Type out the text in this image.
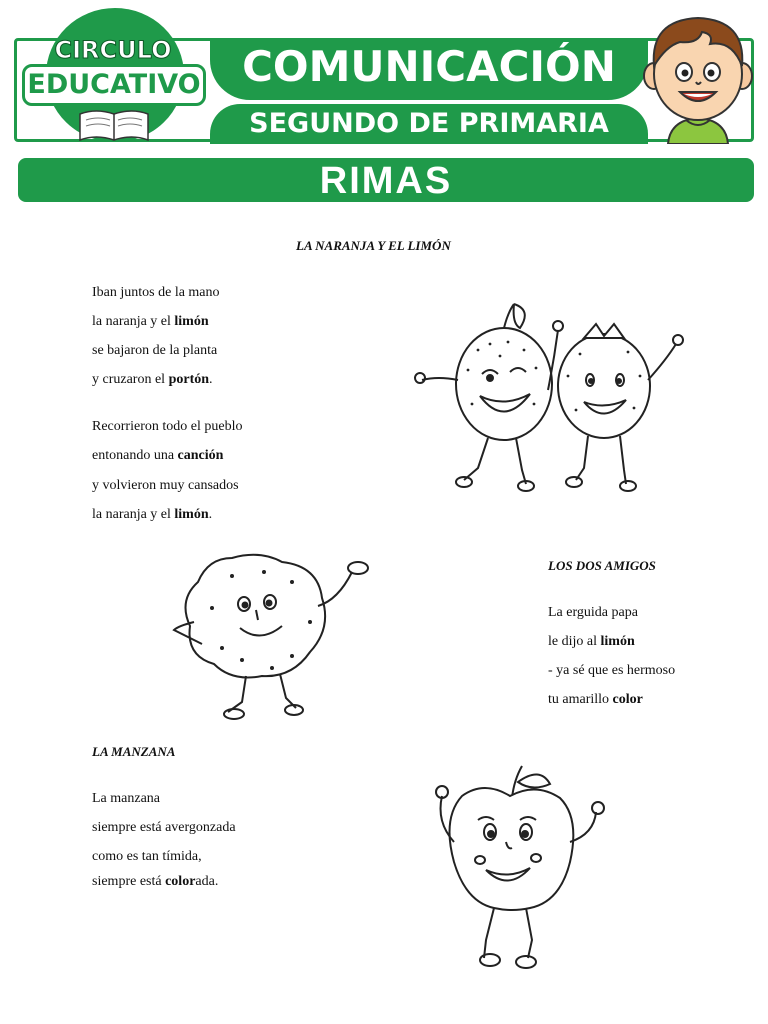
CIRCULO
EDUCATIVO COMUNICACIÓN
SEGUNDO DE PRIMARIA
RIMAS
LA NARANJA Y EL LIMÓN
Iban juntos de la mano
la naranja y el limón
se bajaron de la planta
y cruzaron el portón.
Recorrieron todo el pueblo
entonando una canción
y volvieron muy cansados
la naranja y el limón.
LOS DOS AMIGOS
La erguida papa
le dijo al limón
- ya sé que es hermoso
tu amarillo color
LA MANZANA
La manzana
siempre está avergonzada
como es tan tímida,
siempre está colorada.
